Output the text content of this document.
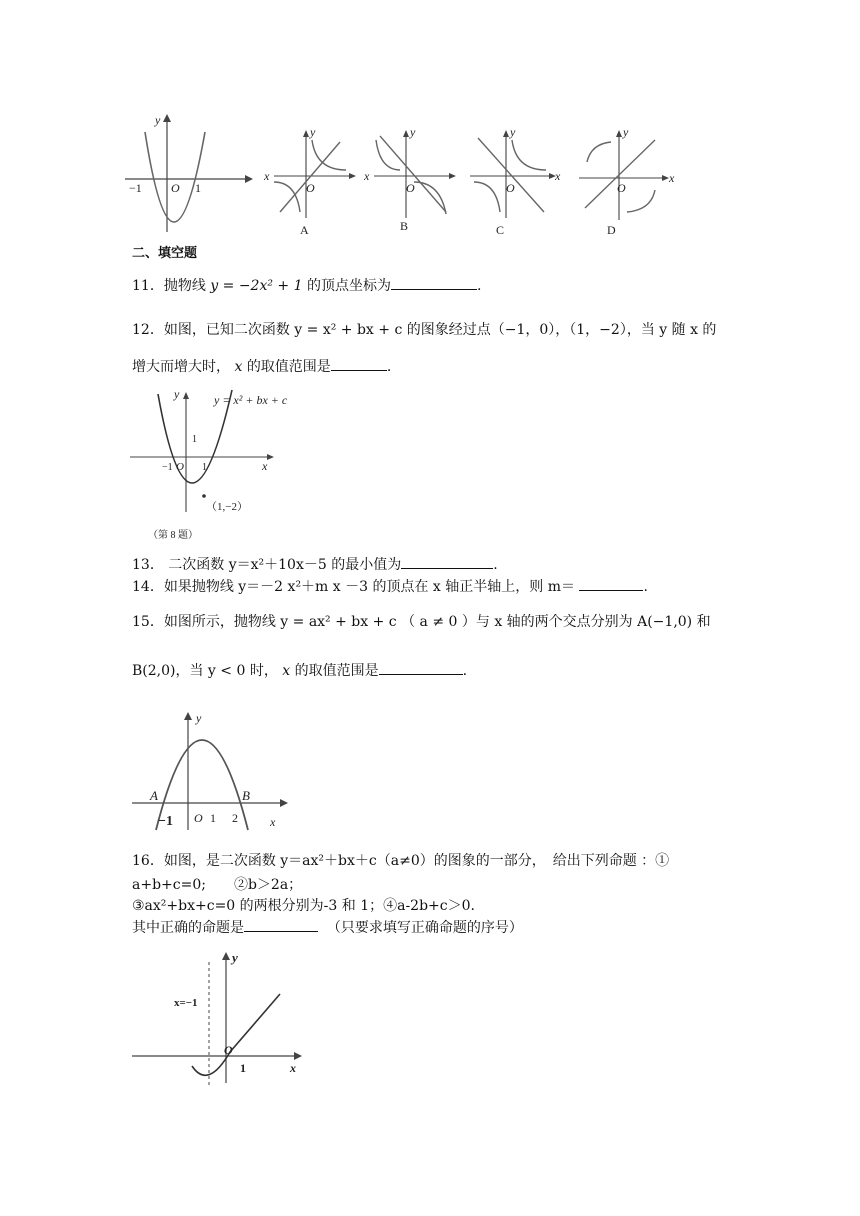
y
−1 O 1
x
y
O
A
x
y
O
B
y
O
x
C
y
O
x
D
二、填空题
11．抛物线 y = −2x² + 1 的顶点坐标为	.
12．如图，已知二次函数 y = x² + bx + c 的图象经过点（−1，0），（1，−2），当 y 随 x 的
增大而增大时， x 的取值范围是	.
y	y = x² + bx + c
1
−1 O 1	x
（1,−2）
（第 8 题）
13． 二次函数 y＝x²＋10x－5 的最小值为	.
14．如果抛物线 y＝－2 x²＋m x －3 的顶点在 x 轴正半轴上，则 m＝	.
15．如图所示，抛物线 y = ax² + bx + c （ a ≠ 0 ）与 x 轴的两个交点分别为 A(−1,0) 和
B(2,0)，当 y < 0 时， x 的取值范围是	.
y
A	B
−1 O 1 2	x
16．如图，是二次函数 y＝ax²＋bx＋c（a≠0）的图象的一部分，　给出下列命题 ：①
a+b+c=0;　　②b＞2a；
③ax²+bx+c=0 的两根分别为-3 和 1；④a-2b+c＞0.
其中正确的命题是	（只要求填写正确命题的序号）
y
x=−1
O
1	x
